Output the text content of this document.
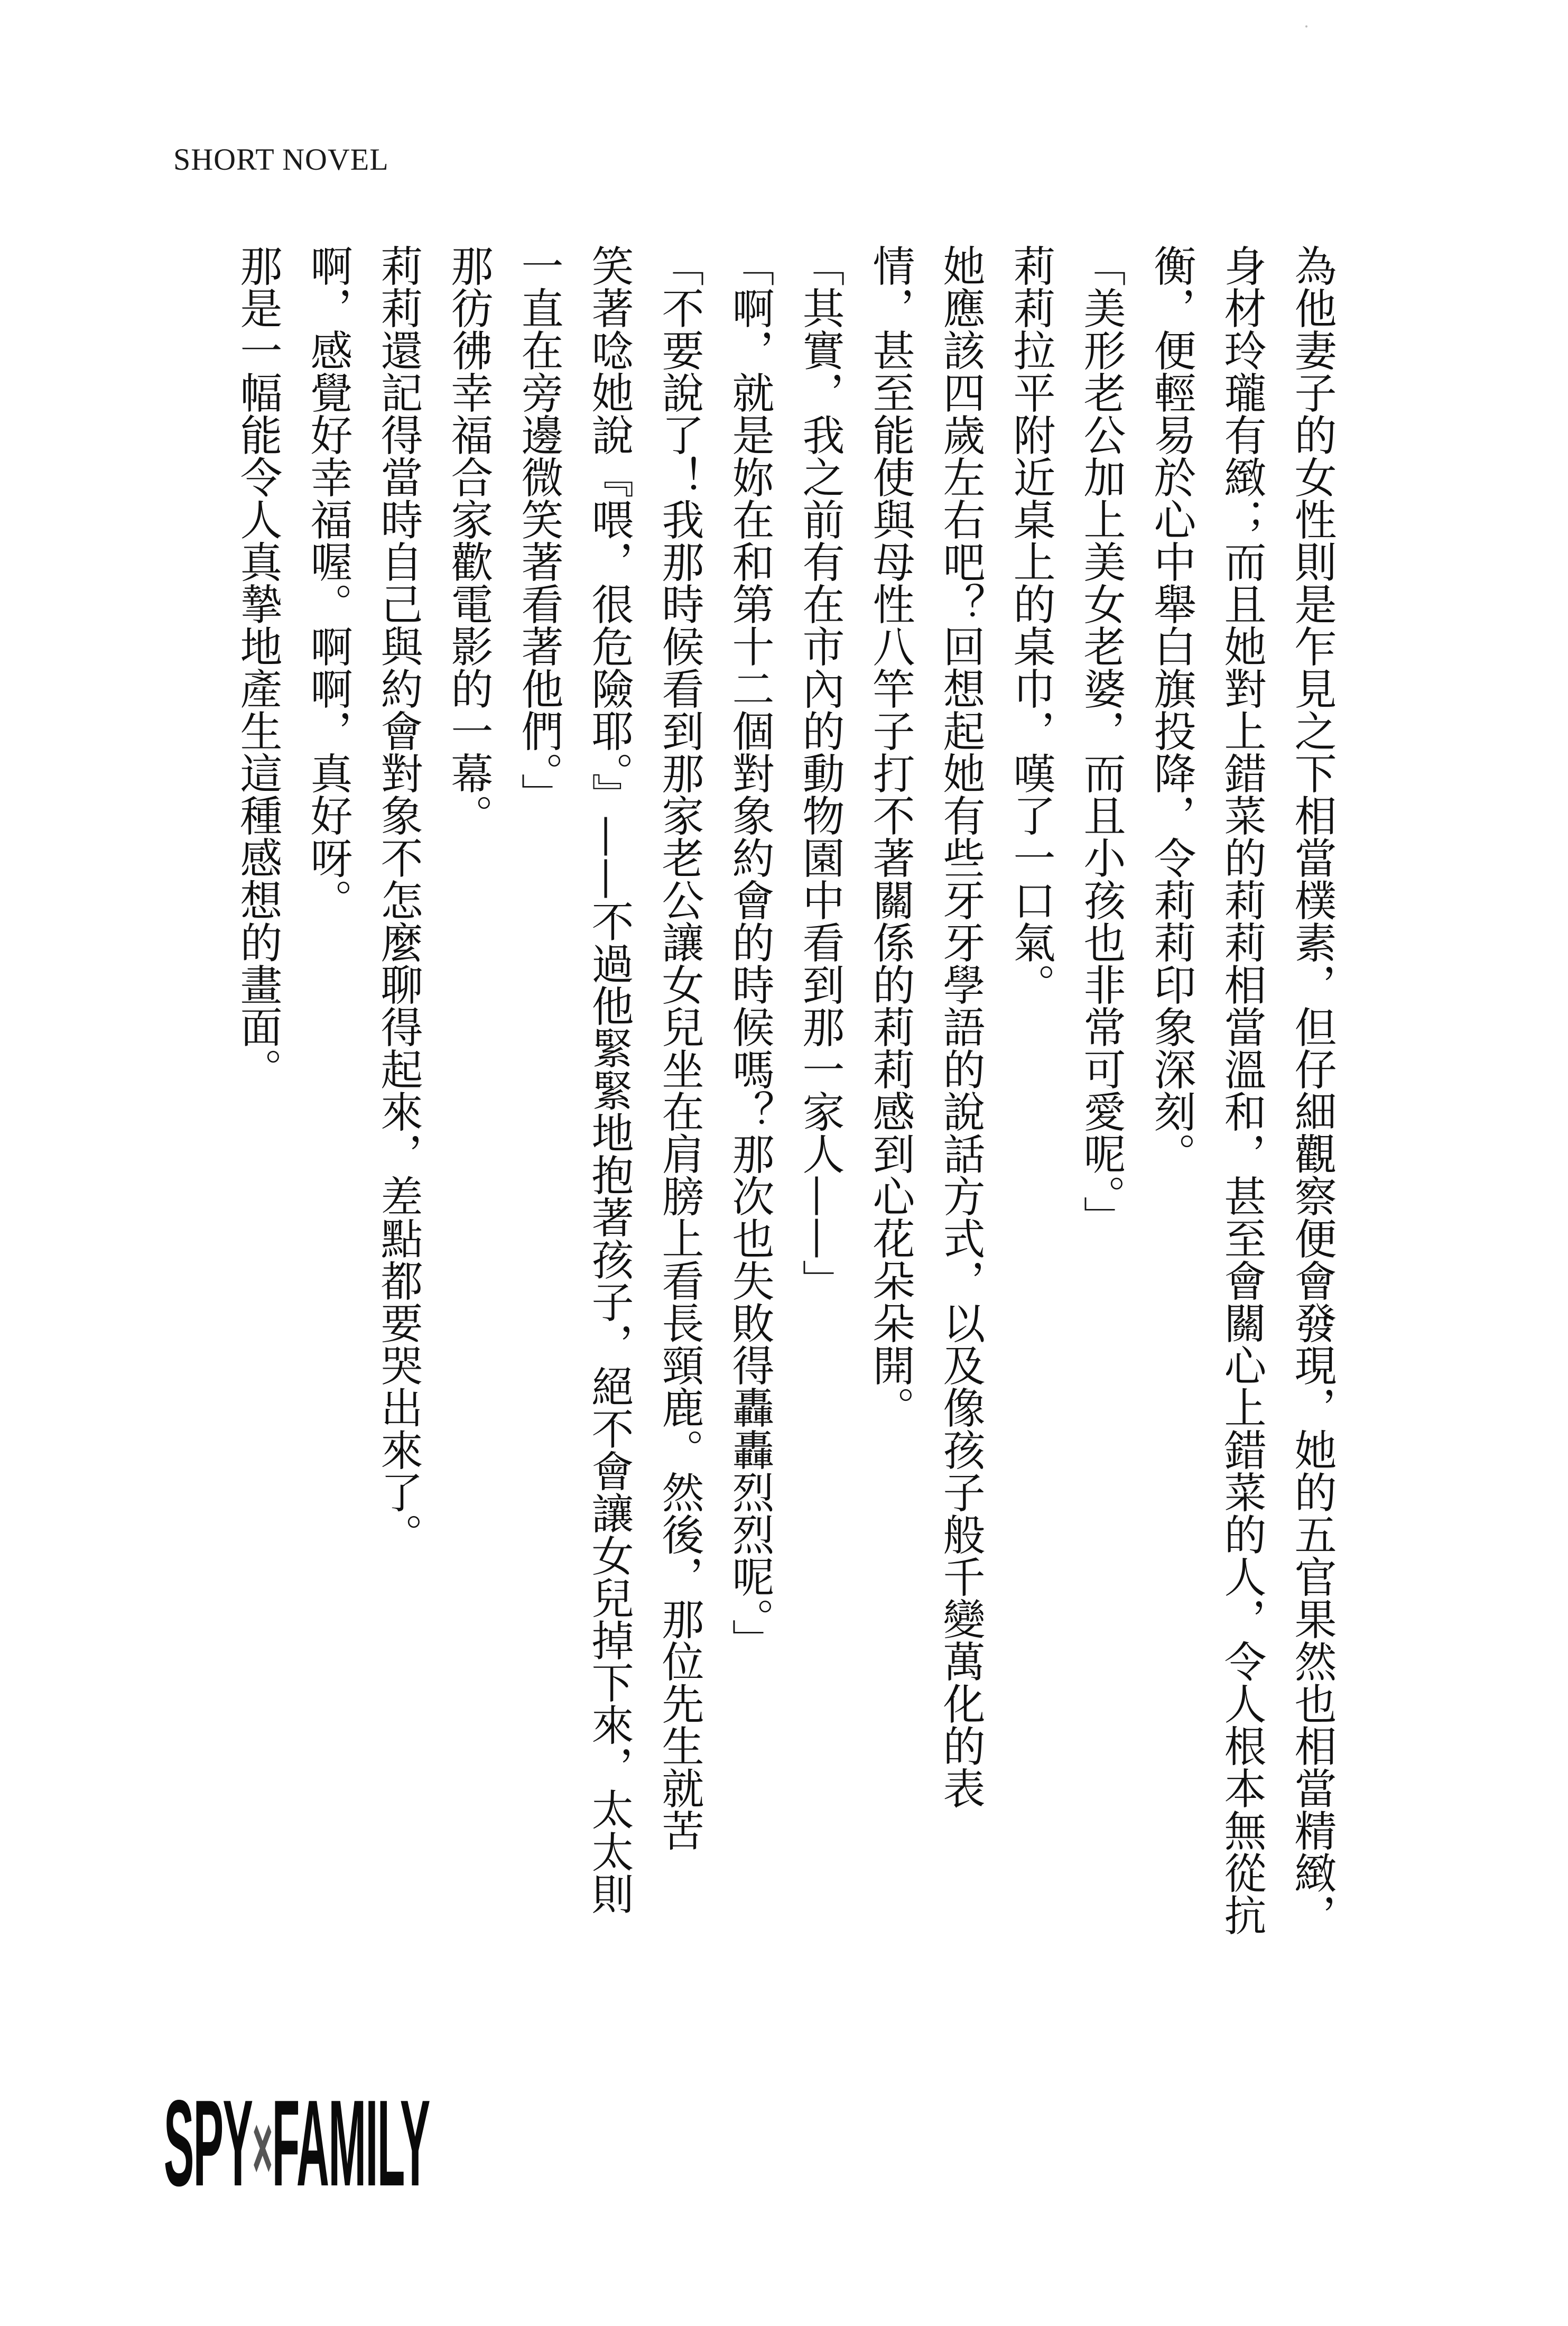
SHORT NOVEL

為他妻子的女性則是乍見之下相當樸素，但仔細觀察便會發現，她的五官果然也相當精緻，

身材玲瓏有緻；而且她對上錯菜的莉莉相當溫和，甚至會關心上錯菜的人，令人根本無從抗

衡，便輕易於心中舉白旗投降，令莉莉印象深刻。

「美形老公加上美女老婆，而且小孩也非常可愛呢。」

莉莉拉平附近桌上的桌巾，嘆了一口氣。

她應該四歲左右吧？回想起她有些牙牙學語的說話方式，以及像孩子般千變萬化的表

情，甚至能使與母性八竿子打不著關係的莉莉感到心花朵朵開。

「其實，我之前有在市內的動物園中看到那一家人——」

「啊，就是妳在和第十二個對象約會的時候嗎？那次也失敗得轟轟烈烈呢。」

「不要說了！我那時候看到那家老公讓女兒坐在肩膀上看長頸鹿。然後，那位先生就苦

笑著唸她說『喂，很危險耶。』——不過他緊緊地抱著孩子，絕不會讓女兒掉下來，太太則

一直在旁邊微笑著看著他們。」

那彷彿幸福合家歡電影的一幕。

莉莉還記得當時自己與約會對象不怎麼聊得起來，差點都要哭出來了。

啊，感覺好幸福喔。啊啊，真好呀。

那是一幅能令人真摯地產生這種感想的畫面。

SPY×FAMILY
